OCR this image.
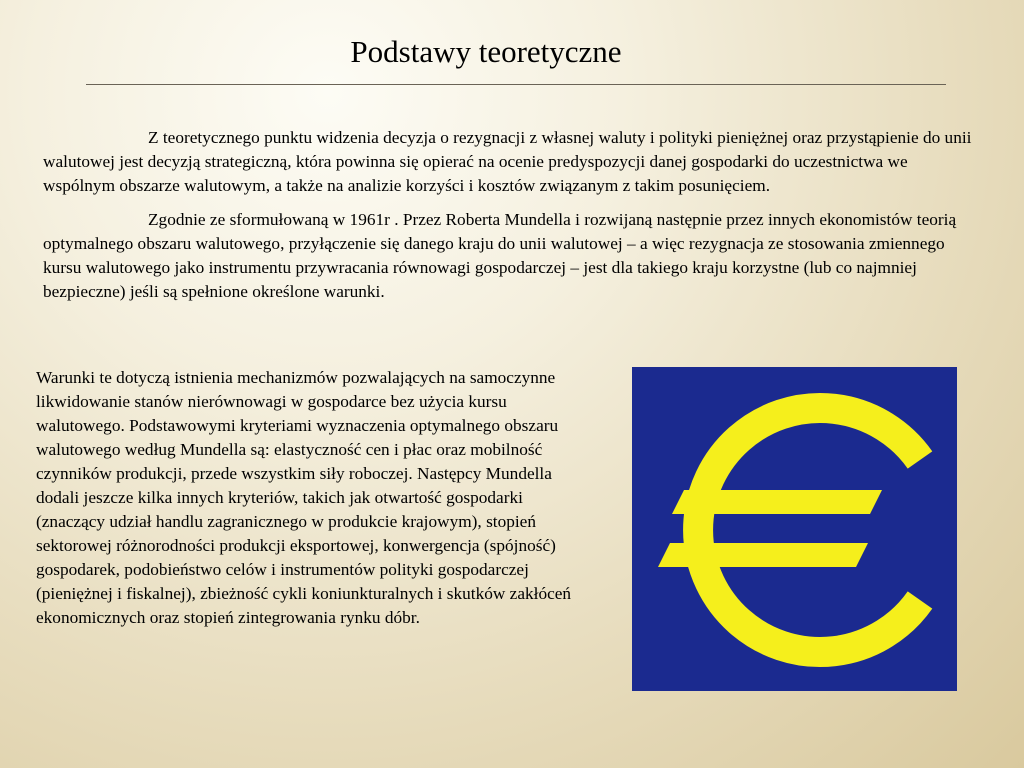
Podstawy teoretyczne

Z teoretycznego punktu widzenia decyzja o rezygnacji z własnej waluty i polityki pieniężnej oraz przystąpienie do unii walutowej jest decyzją strategiczną, która powinna się opierać na ocenie predyspozycji danej gospodarki do uczestnictwa we wspólnym obszarze walutowym, a także na analizie korzyści i kosztów związanym z takim posunięciem.

Zgodnie ze sformułowaną w 1961r . Przez Roberta Mundella i rozwijaną następnie przez innych ekonomistów teorią optymalnego obszaru walutowego, przyłączenie się danego kraju do unii walutowej – a więc rezygnacja ze stosowania zmiennego kursu walutowego jako instrumentu przywracania równowagi gospodarczej – jest dla takiego kraju korzystne (lub co najmniej bezpieczne) jeśli są spełnione określone warunki.

Warunki te dotyczą istnienia mechanizmów pozwalających na samoczynne likwidowanie stanów nierównowagi w gospodarce bez użycia kursu walutowego. Podstawowymi kryteriami wyznaczenia optymalnego obszaru walutowego według Mundella są: elastyczność cen i płac oraz mobilność czynników produkcji, przede wszystkim siły roboczej. Następcy Mundella dodali jeszcze kilka innych kryteriów, takich jak otwartość gospodarki (znaczący udział handlu zagranicznego w produkcie krajowym), stopień sektorowej różnorodności produkcji eksportowej, konwergencja (spójność) gospodarek, podobieństwo celów i instrumentów polityki gospodarczej (pieniężnej i fiskalnej), zbieżność cykli koniunkturalnych i skutków zakłóceń ekonomicznych oraz stopień zintegrowania rynku dóbr.
